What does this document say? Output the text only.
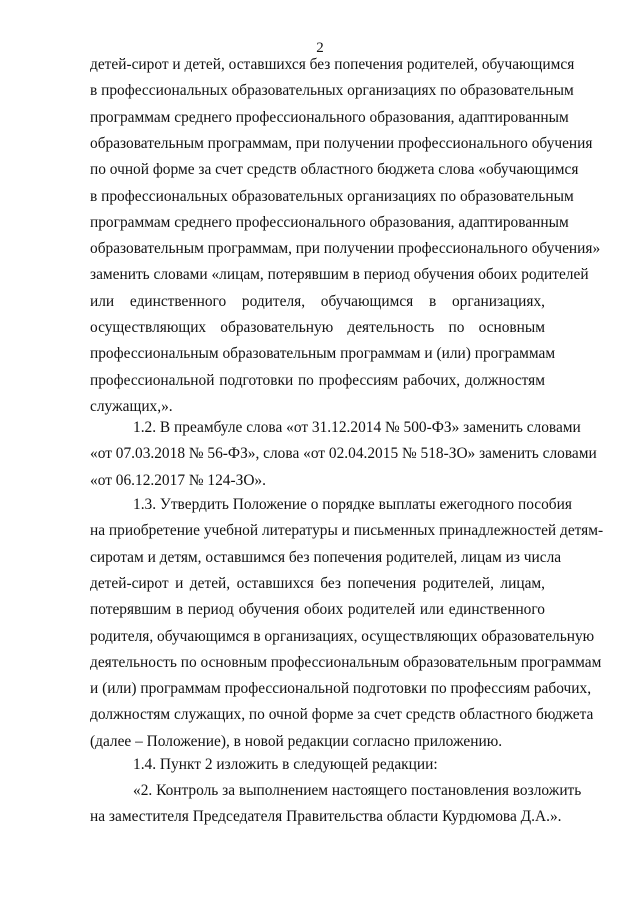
2
детей-сирот и детей, оставшихся без попечения родителей, обучающимся
в профессиональных образовательных организациях по образовательным
программам среднего профессионального образования, адаптированным
образовательным программам, при получении профессионального обучения
по очной форме за счет средств областного бюджета слова «обучающимся
в профессиональных образовательных организациях по образовательным
программам среднего профессионального образования, адаптированным
образовательным программам, при получении профессионального обучения»
заменить словами «лицам, потерявшим в период обучения обоих родителей
или единственного родителя, обучающимся в организациях,
осуществляющих образовательную деятельность по основным
профессиональным образовательным программам и (или) программам
профессиональной подготовки по профессиям рабочих, должностям
служащих,».
1.2. В преамбуле слова «от 31.12.2014 № 500-ФЗ» заменить словами
«от 07.03.2018 № 56-ФЗ», слова «от 02.04.2015 № 518-ЗО» заменить словами
«от 06.12.2017 № 124-ЗО».
1.3. Утвердить Положение о порядке выплаты ежегодного пособия
на приобретение учебной литературы и письменных принадлежностей детям-
сиротам и детям, оставшимся без попечения родителей, лицам из числа
детей-сирот и детей, оставшихся без попечения родителей, лицам,
потерявшим в период обучения обоих родителей или единственного
родителя, обучающимся в организациях, осуществляющих образовательную
деятельность по основным профессиональным образовательным программам
и (или) программам профессиональной подготовки по профессиям рабочих,
должностям служащих, по очной форме за счет средств областного бюджета
(далее – Положение), в новой редакции согласно приложению.
1.4. Пункт 2 изложить в следующей редакции:
«2. Контроль за выполнением настоящего постановления возложить
на заместителя Председателя Правительства области Курдюмова Д.А.».
